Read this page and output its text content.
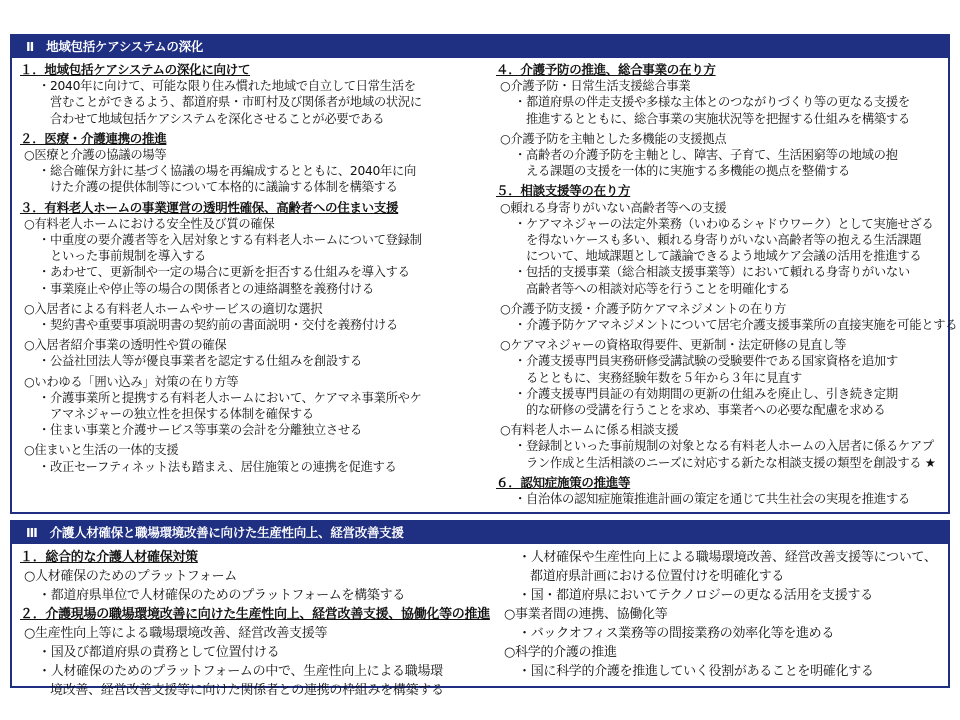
Ⅱ　地域包括ケアシステムの深化
１．地域包括ケアシステムの深化に向けて
・2040年に向けて、可能な限り住み慣れた地域で自立して日常生活を
営むことができるよう、都道府県・市町村及び関係者が地域の状況に
合わせて地域包括ケアシステムを深化させることが必要である
２．医療・介護連携の推進
○医療と介護の協議の場等
・総合確保方針に基づく協議の場を再編成するとともに、2040年に向
けた介護の提供体制等について本格的に議論する体制を構築する
３．有料老人ホームの事業運営の透明性確保、高齢者への住まい支援
○有料老人ホームにおける安全性及び質の確保
・中重度の要介護者等を入居対象とする有料老人ホームについて登録制
といった事前規制を導入する
・あわせて、更新制や一定の場合に更新を拒否する仕組みを導入する
・事業廃止や停止等の場合の関係者との連絡調整を義務付ける
○入居者による有料老人ホームやサービスの適切な選択
・契約書や重要事項説明書の契約前の書面説明・交付を義務付ける
○入居者紹介事業の透明性や質の確保
・公益社団法人等が優良事業者を認定する仕組みを創設する
○いわゆる「囲い込み」対策の在り方等
・介護事業所と提携する有料老人ホームにおいて、ケアマネ事業所やケ
アマネジャーの独立性を担保する体制を確保する
・住まい事業と介護サービス等事業の会計を分離独立させる
○住まいと生活の一体的支援
・改正セーフティネット法も踏まえ、居住施策との連携を促進する
４．介護予防の推進、総合事業の在り方
○介護予防・日常生活支援総合事業
・都道府県の伴走支援や多様な主体とのつながりづくり等の更なる支援を
推進するとともに、総合事業の実施状況等を把握する仕組みを構築する
○介護予防を主軸とした多機能の支援拠点
・高齢者の介護予防を主軸とし、障害、子育て、生活困窮等の地域の抱
える課題の支援を一体的に実施する多機能の拠点を整備する
５．相談支援等の在り方
○頼れる身寄りがいない高齢者等への支援
・ケアマネジャーの法定外業務（いわゆるシャドウワーク）として実施せざる
を得ないケースも多い、頼れる身寄りがいない高齢者等の抱える生活課題
について、地域課題として議論できるよう地域ケア会議の活用を推進する
・包括的支援事業（総合相談支援事業等）において頼れる身寄りがいない
高齢者等への相談対応等を行うことを明確化する
○介護予防支援・介護予防ケアマネジメントの在り方
・介護予防ケアマネジメントについて居宅介護支援事業所の直接実施を可能とする
○ケアマネジャーの資格取得要件、更新制・法定研修の見直し等
・介護支援専門員実務研修受講試験の受験要件である国家資格を追加す
るとともに、実務経験年数を５年から３年に見直す
・介護支援専門員証の有効期間の更新の仕組みを廃止し、引き続き定期
的な研修の受講を行うことを求め、事業者への必要な配慮を求める
○有料老人ホームに係る相談支援
・登録制といった事前規制の対象となる有料老人ホームの入居者に係るケアプ
ラン作成と生活相談のニーズに対応する新たな相談支援の類型を創設する ★
６．認知症施策の推進等
・自治体の認知症施策推進計画の策定を通じて共生社会の実現を推進する
Ⅲ　介護人材確保と職場環境改善に向けた生産性向上、経営改善支援
１．総合的な介護人材確保対策
○人材確保のためのプラットフォーム
・都道府県単位で人材確保のためのプラットフォームを構築する
２．介護現場の職場環境改善に向けた生産性向上、経営改善支援、協働化等の推進
○生産性向上等による職場環境改善、経営改善支援等
・国及び都道府県の責務として位置付ける
・人材確保のためのプラットフォームの中で、生産性向上による職場環
境改善、経営改善支援等に向けた関係者との連携の枠組みを構築する
・人材確保や生産性向上による職場環境改善、経営改善支援等について、
都道府県計画における位置付けを明確化する
・国・都道府県においてテクノロジーの更なる活用を支援する
○事業者間の連携、協働化等
・バックオフィス業務等の間接業務の効率化等を進める
○科学的介護の推進
・国に科学的介護を推進していく役割があることを明確化する
